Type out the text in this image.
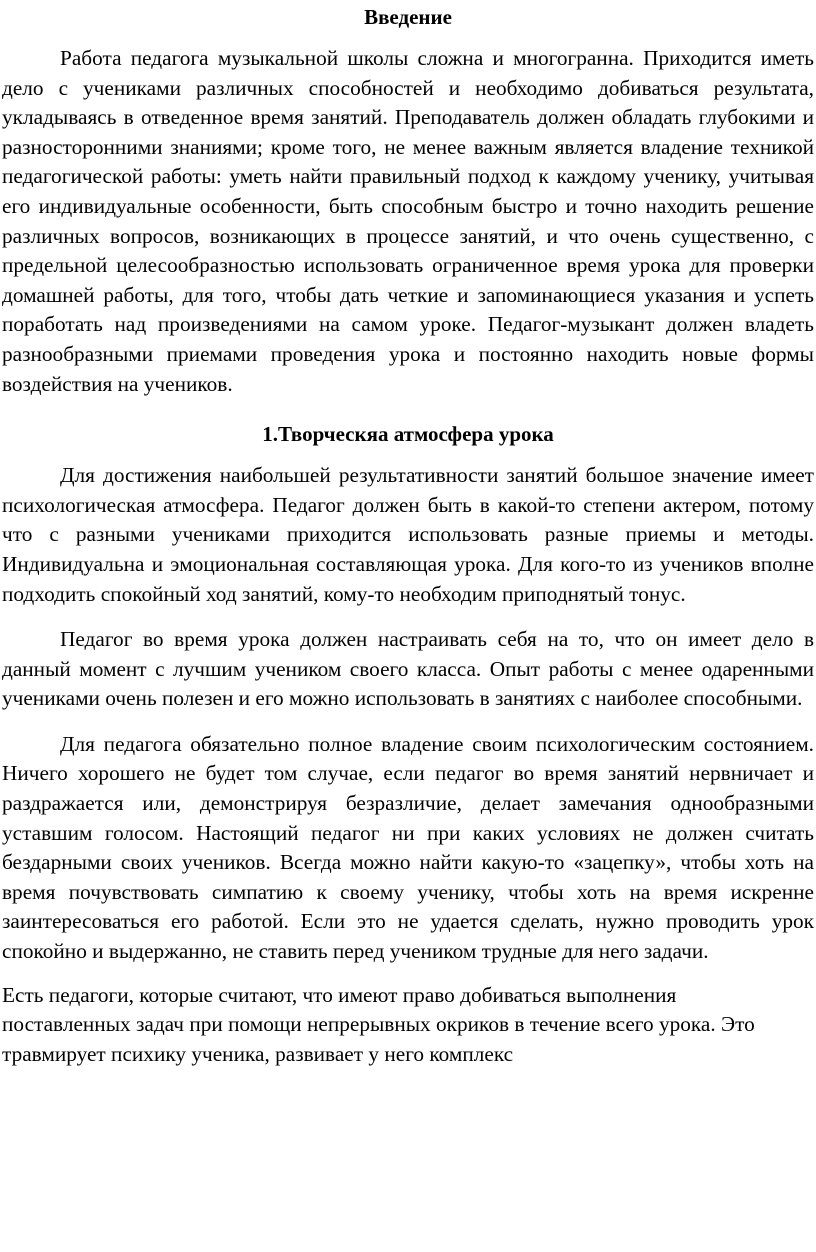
Введение

Работа педагога музыкальной школы сложна и многогранна. Приходится иметь дело с учениками различных способностей и необходимо добиваться результата, укладываясь в отведенное время занятий. Преподаватель должен обладать глубокими и разносторонними знаниями; кроме того, не менее важным является владение техникой педагогической работы: уметь найти правильный подход к каждому ученику, учитывая его индивидуальные особенности, быть способным быстро и точно находить решение различных вопросов, возникающих в процессе занятий, и что очень существенно, с предельной целесообразностью использовать ограниченное время урока для проверки домашней работы, для того, чтобы дать четкие и запоминающиеся указания и успеть поработать над произведениями на самом уроке. Педагог-музыкант должен владеть разнообразными приемами проведения урока и постоянно находить новые формы воздействия на учеников.

1.Творческяа атмосфера урока

Для достижения наибольшей результативности занятий большое значение имеет психологическая атмосфера. Педагог должен быть в какой-то степени актером, потому что с разными учениками приходится использовать разные приемы и методы. Индивидуальна и эмоциональная составляющая урока. Для кого-то из учеников вполне подходить спокойный ход занятий, кому-то необходим приподнятый тонус.

Педагог во время урока должен настраивать себя на то, что он имеет дело в данный момент с лучшим учеником своего класса. Опыт работы с менее одаренными учениками очень полезен и его можно использовать в занятиях с наиболее способными.

Для педагога обязательно полное владение своим психологическим состоянием. Ничего хорошего не будет том случае, если педагог во время занятий нервничает и раздражается или, демонстрируя безразличие, делает замечания однообразными уставшим голосом. Настоящий педагог ни при каких условиях не должен считать бездарными своих учеников. Всегда можно найти какую-то «зацепку», чтобы хоть на время почувствовать симпатию к своему ученику, чтобы хоть на время искренне заинтересоваться его работой. Если это не удается сделать, нужно проводить урок спокойно и выдержанно, не ставить перед учеником трудные для него задачи.

Есть педагоги, которые считают, что имеют право добиваться выполнения поставленных задач при помощи непрерывных окриков в течение всего урока. Это травмирует психику ученика, развивает у него комплекс
